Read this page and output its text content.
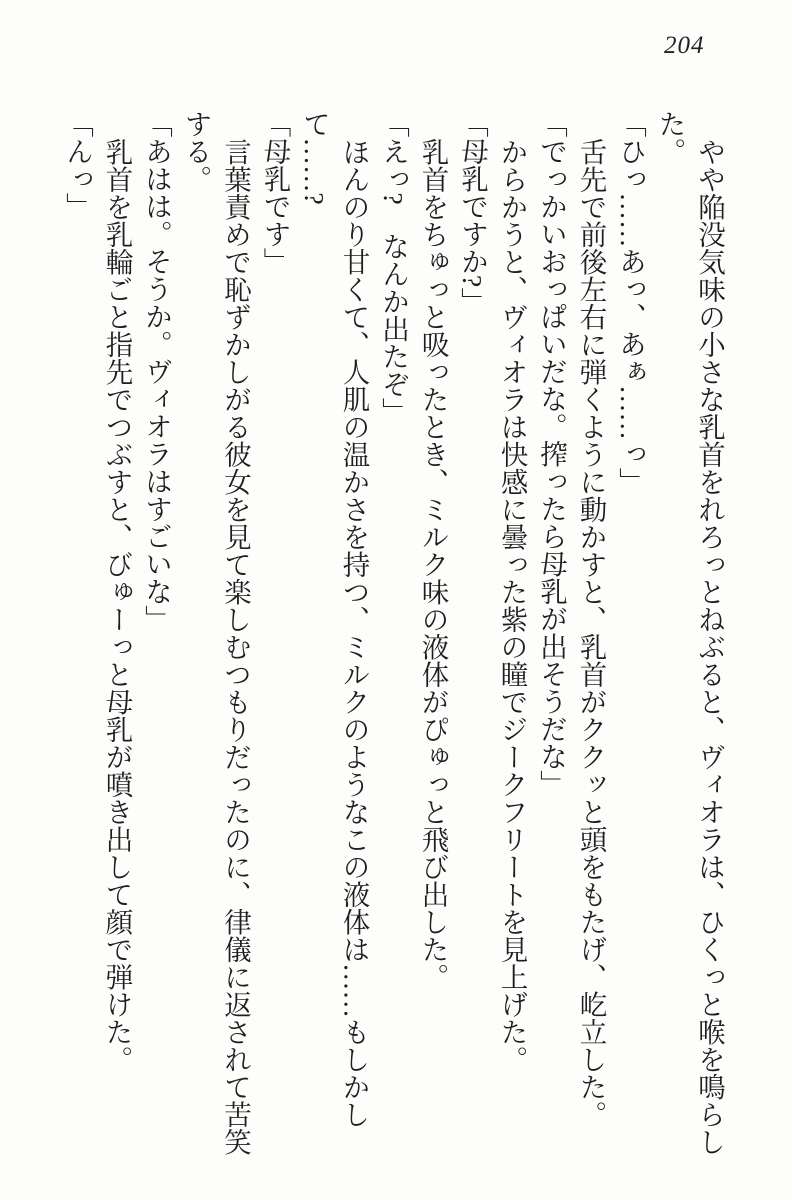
204

やや陥没気味の小さな乳首をれろっとねぶると、ヴィオラは、ひくっと喉を鳴らした。

「ひっ……あっ、あぁ……っ」

舌先で前後左右に弾くように動かすと、乳首がククッと頭をもたげ、屹立した。

「でっかいおっぱいだな。搾ったら母乳が出そうだな」

からかうと、ヴィオラは快感に曇った紫の瞳でジークフリートを見上げた。

「母乳ですか?」

乳首をちゅっと吸ったとき、ミルク味の液体がぴゅっと飛び出した。

「えっ?　なんか出たぞ」

ほんのり甘くて、人肌の温かさを持つ、ミルクのようなこの液体は……もしかして……?

「母乳です」

言葉責めで恥ずかしがる彼女を見て楽しむつもりだったのに、律儀に返されて苦笑する。

「あはは。そうか。ヴィオラはすごいな」

乳首を乳輪ごと指先でつぶすと、びゅーっと母乳が噴き出して顔で弾けた。

「んっ」
